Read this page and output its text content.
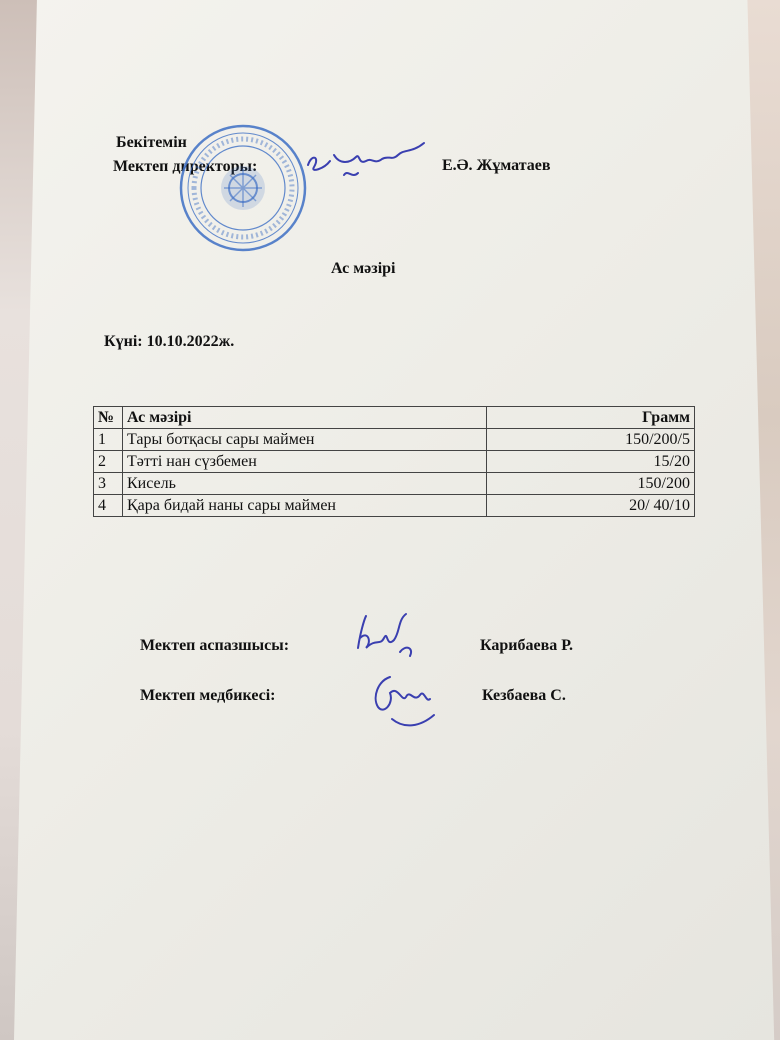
Бекітемін
Мектеп директоры:	Е.Ә. Жұматаев
Ас мәзірі
Күні: 10.10.2022ж.
№	Ас мәзірі	Грамм
1	Тары ботқасы сары маймен	150/200/5
2	Тәтті нан сүзбемен	15/20
3	Кисель	150/200
4	Қара бидай наны сары маймен	20/ 40/10
Мектеп аспазшысы:	Карибаева Р.
Мектеп медбикесі:	Кезбаева С.
